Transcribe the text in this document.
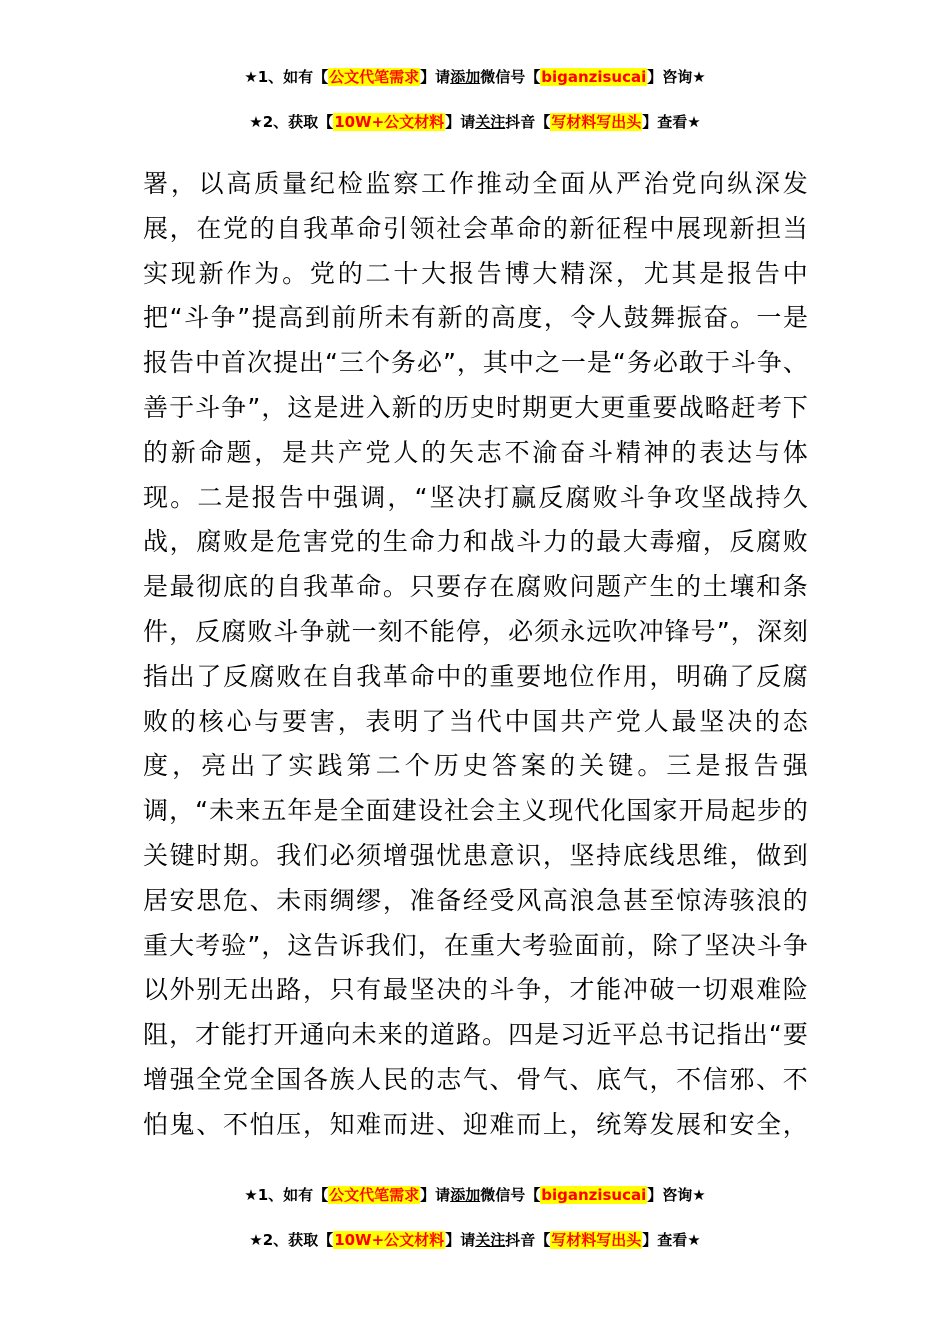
★1、如有【公文代笔需求】请添加微信号【biganzisucai】咨询★
★2、获取【10W+公文材料】请关注抖音【写材料写出头】查看★
署 ， 以 高 质 量 纪 检 监 察 工 作 推 动 全 面 从 严 治 党 向 纵 深 发
展 ， 在 党 的 自 我 革 命 引 领 社 会 革 命 的 新 征 程 中 展 现 新 担 当
实 现 新 作 为 。 党 的 二 十 大 报 告 博 大 精 深 ， 尤 其 是 报 告 中
把 “ 斗 争 ” 提 高 到 前 所 未 有 新 的 高 度 ， 令 人 鼓 舞 振 奋 。 一 是
报 告 中 首 次 提 出 “ 三 个 务 必 ” ， 其 中 之 一 是 “ 务 必 敢 于 斗 争 、
善 于 斗 争 ” ， 这 是 进 入 新 的 历 史 时 期 更 大 更 重 要 战 略 赶 考 下
的 新 命 题 ， 是 共 产 党 人 的 矢 志 不 渝 奋 斗 精 神 的 表 达 与 体
现 。 二 是 报 告 中 强 调 ， “ 坚 决 打 赢 反 腐 败 斗 争 攻 坚 战 持 久
战 ， 腐 败 是 危 害 党 的 生 命 力 和 战 斗 力 的 最 大 毒 瘤 ， 反 腐 败
是 最 彻 底 的 自 我 革 命 。 只 要 存 在 腐 败 问 题 产 生 的 土 壤 和 条
件 ， 反 腐 败 斗 争 就 一 刻 不 能 停 ， 必 须 永 远 吹 冲 锋 号 ” ， 深 刻
指 出 了 反 腐 败 在 自 我 革 命 中 的 重 要 地 位 作 用 ， 明 确 了 反 腐
败 的 核 心 与 要 害 ， 表 明 了 当 代 中 国 共 产 党 人 最 坚 决 的 态
度 ， 亮 出 了 实 践 第 二 个 历 史 答 案 的 关 键 。 三 是 报 告 强
调 ， “ 未 来 五 年 是 全 面 建 设 社 会 主 义 现 代 化 国 家 开 局 起 步 的
关 键 时 期 。 我 们 必 须 增 强 忧 患 意 识 ， 坚 持 底 线 思 维 ， 做 到
居 安 思 危 、 未 雨 绸 缪 ， 准 备 经 受 风 高 浪 急 甚 至 惊 涛 骇 浪 的
重 大 考 验 ” ， 这 告 诉 我 们 ， 在 重 大 考 验 面 前 ， 除 了 坚 决 斗 争
以 外 别 无 出 路 ， 只 有 最 坚 决 的 斗 争 ， 才 能 冲 破 一 切 艰 难 险
阻 ， 才 能 打 开 通 向 未 来 的 道 路 。 四 是 习 近 平 总 书 记 指 出 “ 要
增 强 全 党 全 国 各 族 人 民 的 志 气 、 骨 气 、 底 气 ， 不 信 邪 、 不
怕 鬼 、 不 怕 压 ， 知 难 而 进 、 迎 难 而 上 ， 统 筹 发 展 和 安 全 ，
★1、如有【公文代笔需求】请添加微信号【biganzisucai】咨询★
★2、获取【10W+公文材料】请关注抖音【写材料写出头】查看★
